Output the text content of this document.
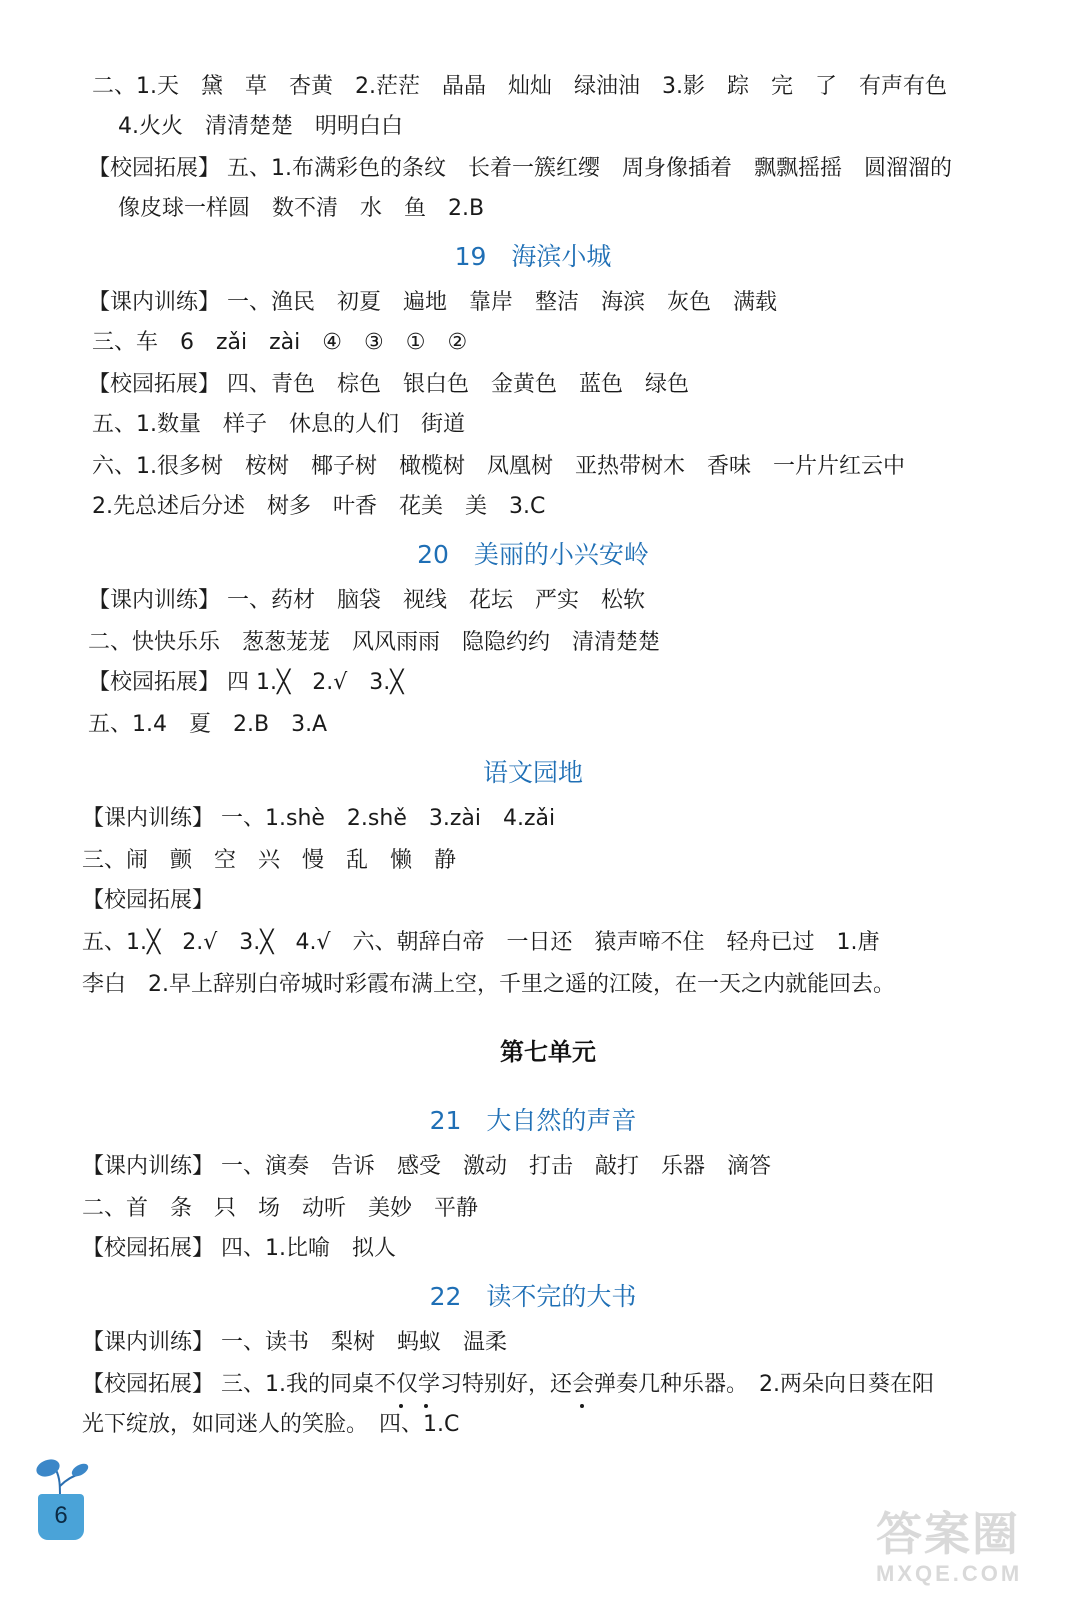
二、1.天　黛　草　杏黄　2.茫茫　晶晶　灿灿　绿油油　3.影　踪　完　了　有声有色
4.火火　清清楚楚　明明白白
【校园拓展】 五、1.布满彩色的条纹　长着一簇红缨　周身像插着　飘飘摇摇　圆溜溜的
像皮球一样圆　数不清　水　鱼　2.B
19　海滨小城
【课内训练】 一、渔民　初夏　遍地　靠岸　整洁　海滨　灰色　满载
三、车　6　zǎi　zài　④　③　①　②
【校园拓展】 四、青色　棕色　银白色　金黄色　蓝色　绿色
五、1.数量　样子　休息的人们　街道
六、1.很多树　桉树　椰子树　橄榄树　凤凰树　亚热带树木　香味　一片片红云中
2.先总述后分述　树多　叶香　花美　美　3.C
20　美丽的小兴安岭
【课内训练】 一、药材　脑袋　视线　花坛　严实　松软
二、快快乐乐　葱葱茏茏　风风雨雨　隐隐约约　清清楚楚
【校园拓展】 四 1.╳　2.√　3.╳
五、1.4　夏　2.B　3.A
语文园地
【课内训练】 一、1.shè　2.shě　3.zài　4.zǎi
三、闹　颤　空　兴　慢　乱　懒　静
【校园拓展】
五、1.╳　2.√　3.╳　4.√　六、朝辞白帝　一日还　猿声啼不住　轻舟已过　1.唐
李白　2.早上辞别白帝城时彩霞布满上空，千里之遥的江陵，在一天之内就能回去。
第七单元
21　大自然的声音
【课内训练】 一、演奏　告诉　感受　激动　打击　敲打　乐器　滴答
二、首　条　只　场　动听　美妙　平静
【校园拓展】 四、1.比喻　拟人
22　读不完的大书
【课内训练】 一、读书　梨树　蚂蚁　温柔
【校园拓展】 三、1.我的同桌不仅学习特别好，还会弹奏几种乐器。　2.两朵向日葵在阳
光下绽放，如同迷人的笑脸。　四、1.C
6	答案圈
MXQE.COM
